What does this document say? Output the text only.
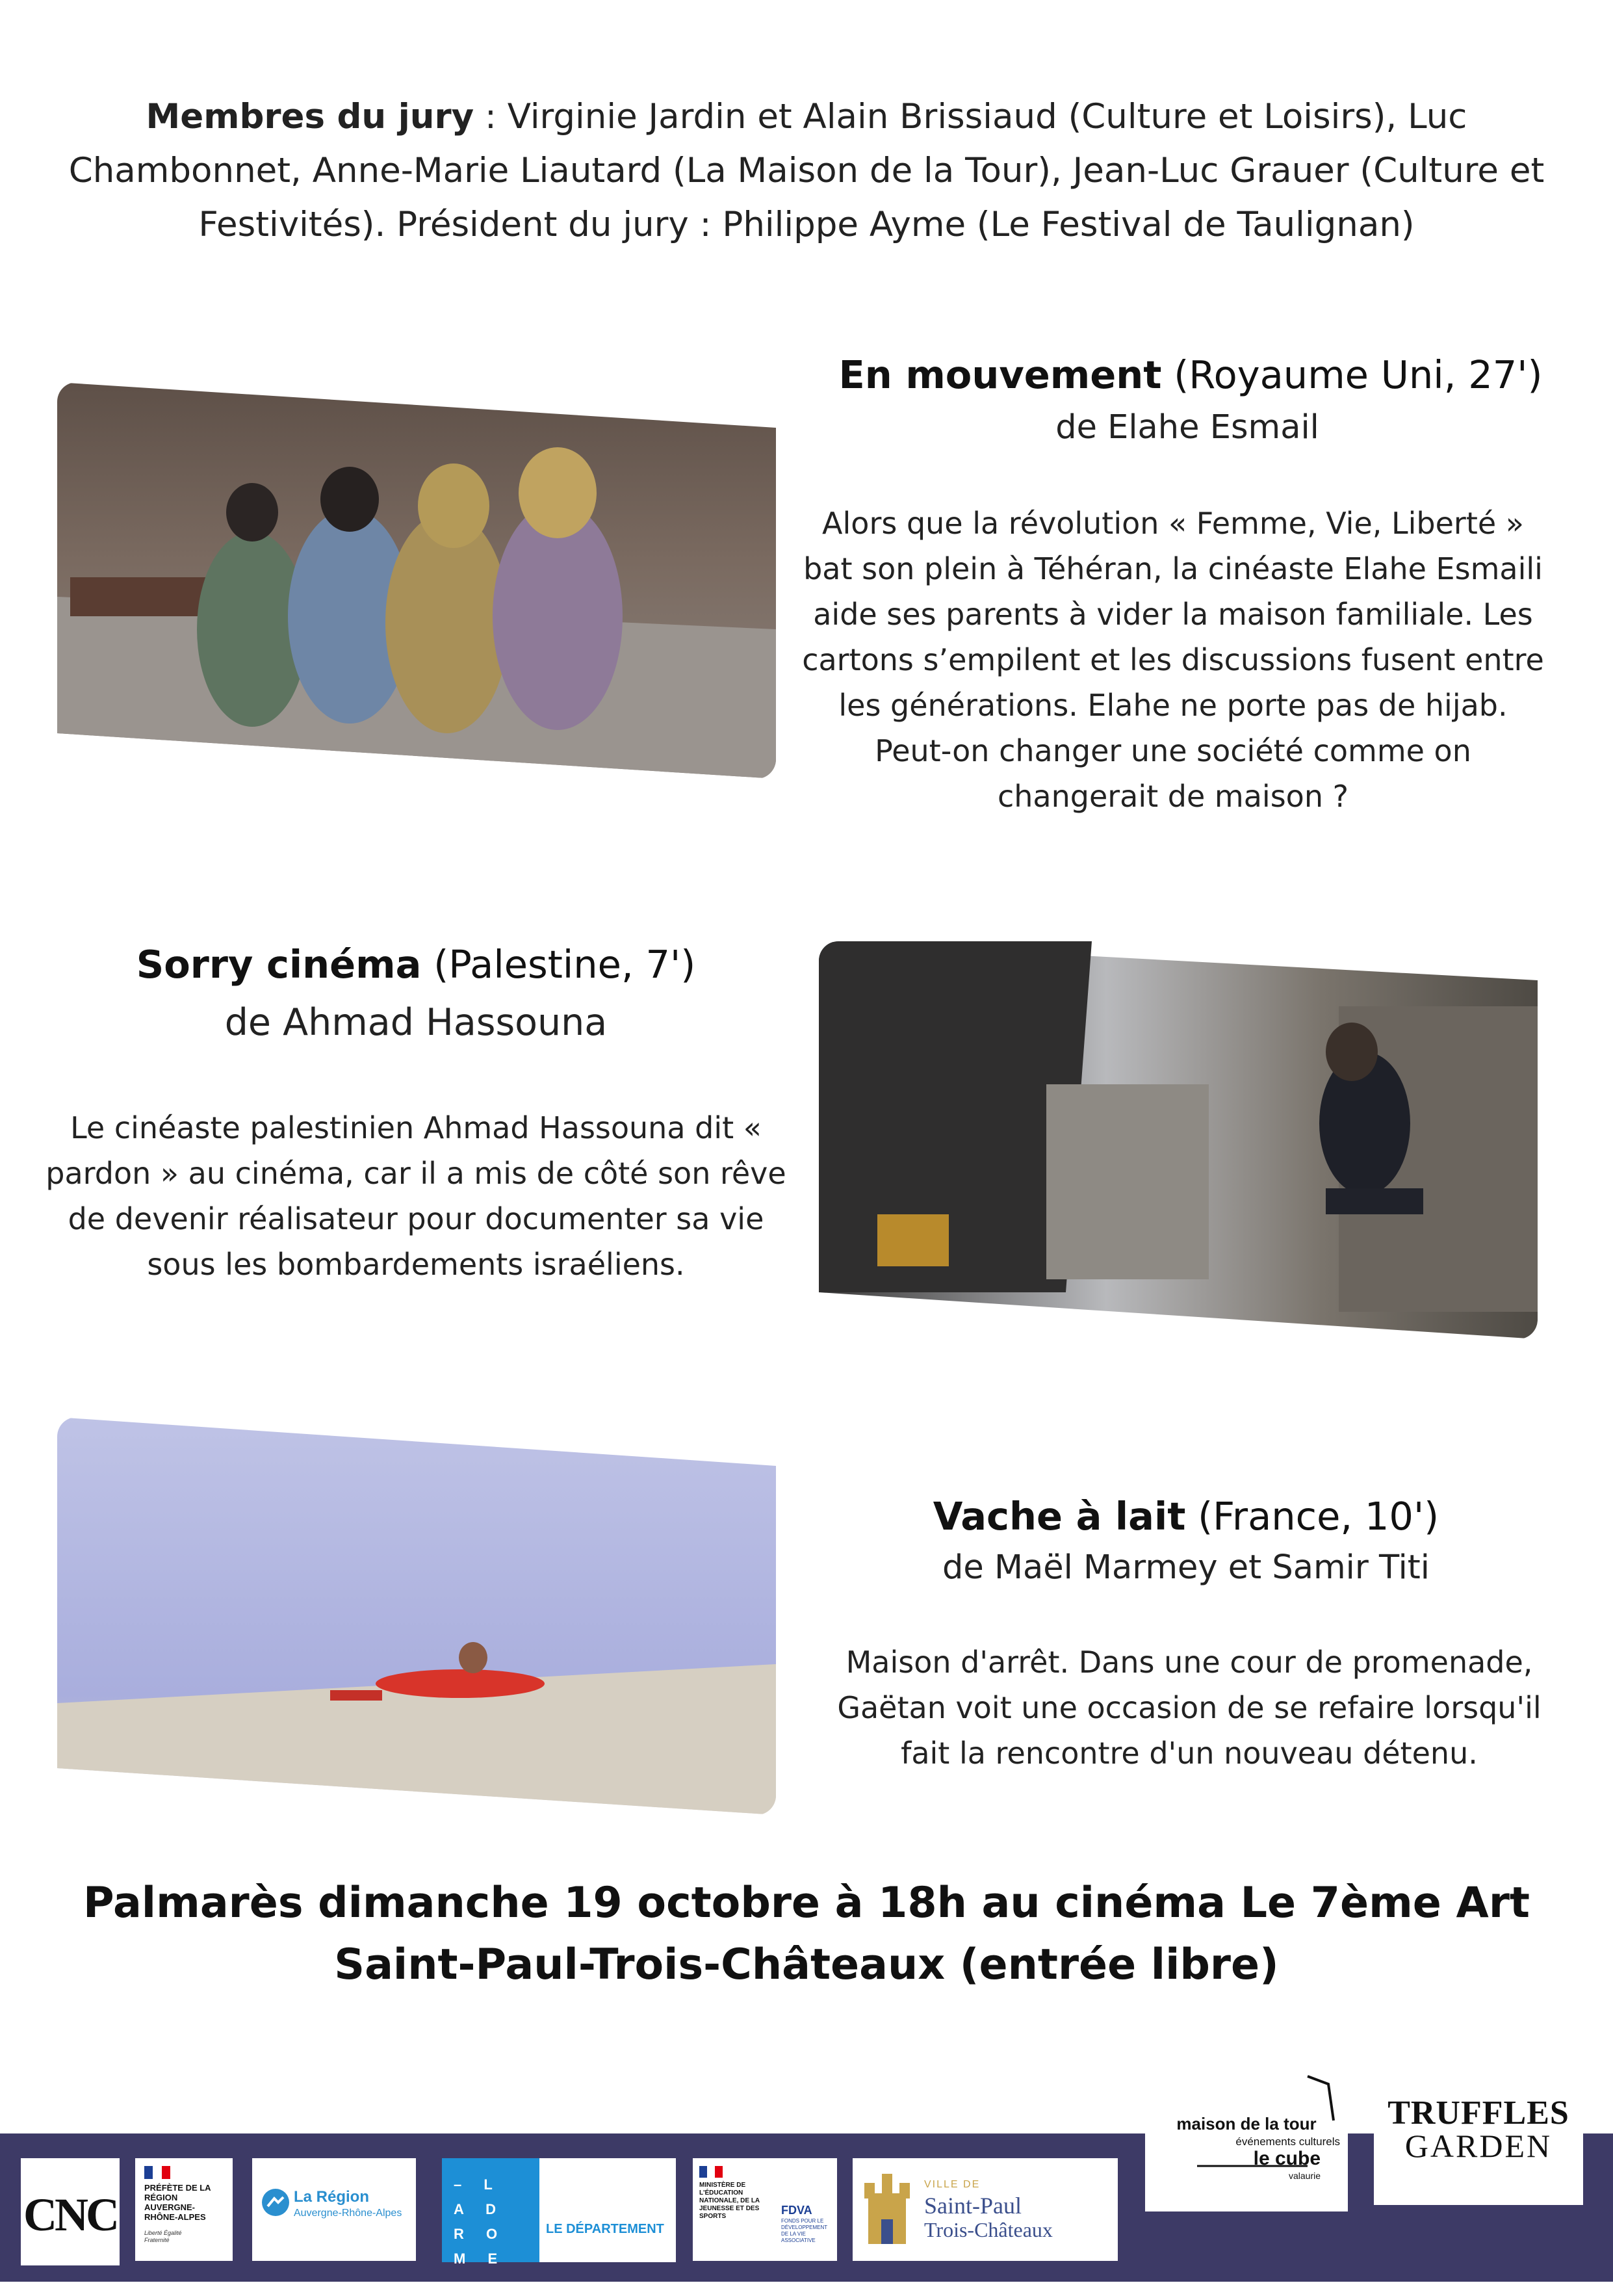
Membres du jury : Virginie Jardin et Alain Brissiaud (Culture et Loisirs), Luc Chambonnet, Anne-Marie Liautard (La Maison de la Tour), Jean-Luc Grauer (Culture et Festivités). Président du jury : Philippe Ayme (Le Festival de Taulignan)
En mouvement (Royaume Uni, 27')
de Elahe Esmail
Alors que la révolution « Femme, Vie, Liberté » bat son plein à Téhéran, la cinéaste Elahe Esmaili aide ses parents à vider la maison familiale. Les cartons s’empilent et les discussions fusent entre les générations. Elahe ne porte pas de hijab. Peut-on changer une société comme on changerait de maison ?
Sorry cinéma (Palestine, 7')
de Ahmad Hassouna
Le cinéaste palestinien Ahmad Hassouna dit « pardon » au cinéma, car il a mis de côté son rêve de devenir réalisateur pour documenter sa vie sous les bombardements israéliens.
Vache à lait (France, 10')
de Maël Marmey et Samir Titi
Maison d'arrêt. Dans une cour de promenade, Gaëtan voit une occasion de se refaire lorsqu'il fait la rencontre d'un nouveau détenu.
Palmarès dimanche 19 octobre à 18h au cinéma Le 7ème Art
Saint-Paul-Trois-Châteaux (entrée libre)
maison de la tour
événements culturels
le cube
valaurie
TRUFFLES
GARDEN
CNC
PRÉFÈTE DE LA RÉGION AUVERGNE- RHÔNE-ALPES
Liberté Égalité Fraternité
La Région
Auvergne-Rhône-Alpes
– L A D R O M E –
LE DÉPARTEMENT
MINISTÈRE DE L'ÉDUCATION NATIONALE, DE LA JEUNESSE ET DES SPORTS	FDVA
FONDS POUR LE DÉVELOPPEMENT DE LA VIE ASSOCIATIVE
VILLE DE
Saint-Paul
Trois-Châteaux
